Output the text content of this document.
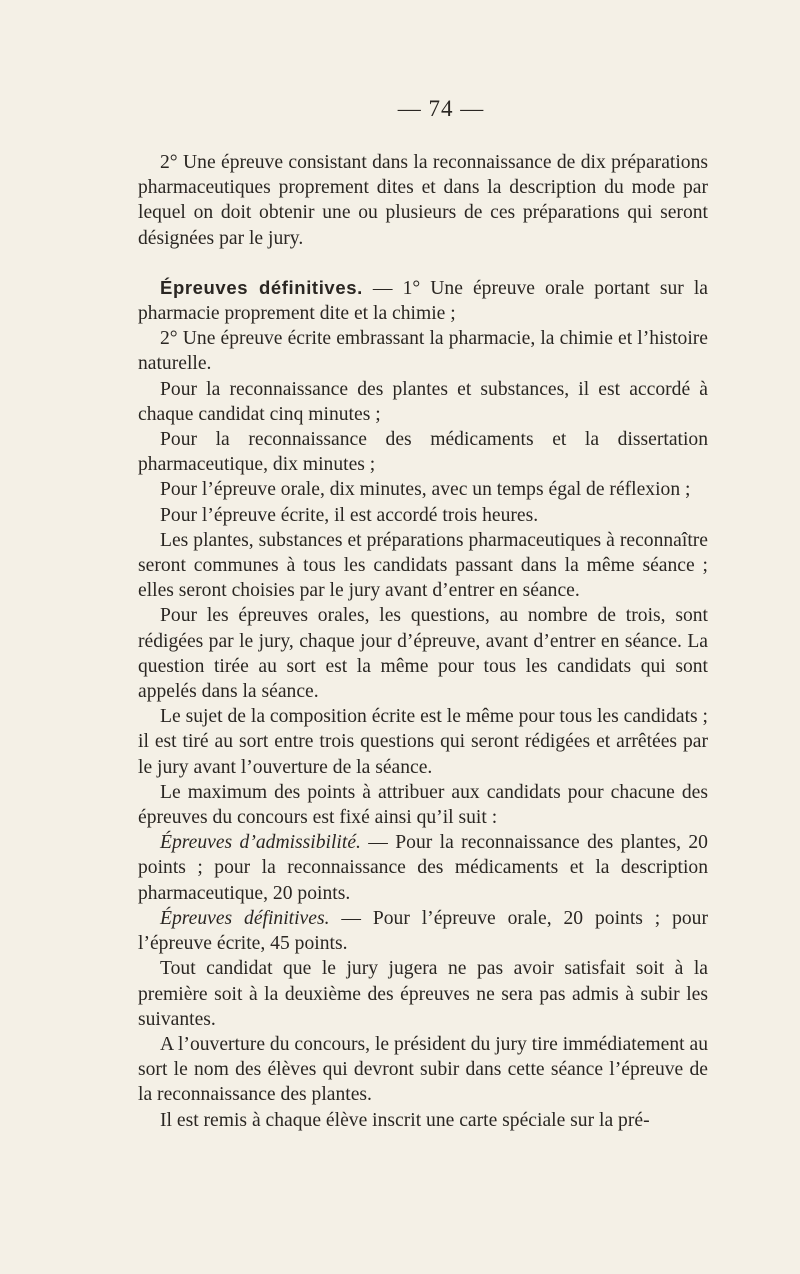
— 74 —

2° Une épreuve consistant dans la reconnaissance de dix préparations pharmaceutiques proprement dites et dans la description du mode par lequel on doit obtenir une ou plusieurs de ces préparations qui seront désignées par le jury.

Épreuves définitives. — 1° Une épreuve orale portant sur la pharmacie proprement dite et la chimie ;

2° Une épreuve écrite embrassant la pharmacie, la chimie et l’histoire naturelle.

Pour la reconnaissance des plantes et substances, il est accordé à chaque candidat cinq minutes ;

Pour la reconnaissance des médicaments et la dissertation pharmaceutique, dix minutes ;

Pour l’épreuve orale, dix minutes, avec un temps égal de réflexion ;

Pour l’épreuve écrite, il est accordé trois heures.

Les plantes, substances et préparations pharmaceutiques à reconnaître seront communes à tous les candidats passant dans la même séance ; elles seront choisies par le jury avant d’entrer en séance.

Pour les épreuves orales, les questions, au nombre de trois, sont rédigées par le jury, chaque jour d’épreuve, avant d’entrer en séance. La question tirée au sort est la même pour tous les candidats qui sont appelés dans la séance.

Le sujet de la composition écrite est le même pour tous les candidats ; il est tiré au sort entre trois questions qui seront rédigées et arrêtées par le jury avant l’ouverture de la séance.

Le maximum des points à attribuer aux candidats pour chacune des épreuves du concours est fixé ainsi qu’il suit :

Épreuves d’admissibilité. — Pour la reconnaissance des plantes, 20 points ; pour la reconnaissance des médicaments et la description pharmaceutique, 20 points.

Épreuves définitives. — Pour l’épreuve orale, 20 points ; pour l’épreuve écrite, 45 points.

Tout candidat que le jury jugera ne pas avoir satisfait soit à la première soit à la deuxième des épreuves ne sera pas admis à subir les suivantes.

A l’ouverture du concours, le président du jury tire immédiatement au sort le nom des élèves qui devront subir dans cette séance l’épreuve de la reconnaissance des plantes.

Il est remis à chaque élève inscrit une carte spéciale sur la pré-
